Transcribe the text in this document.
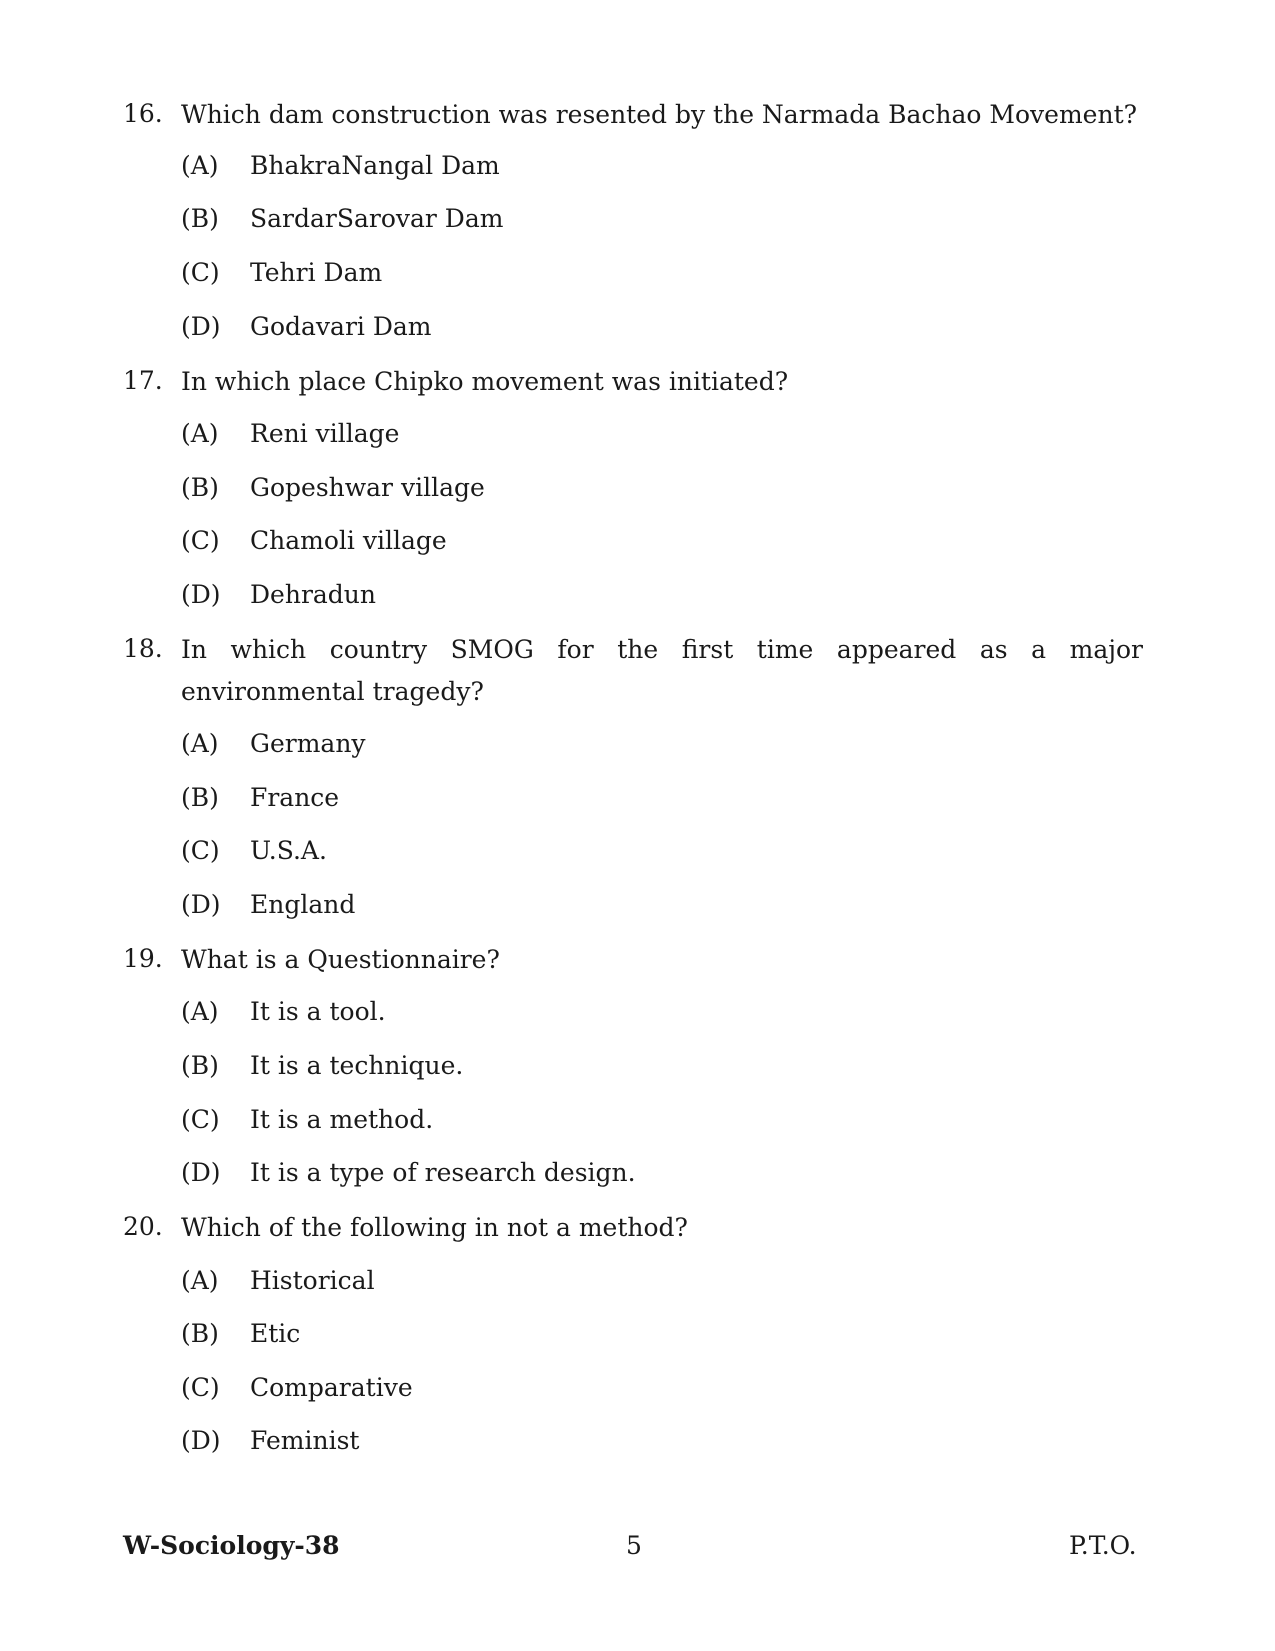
16. Which dam construction was resented by the Narmada Bachao Movement?
(A) BhakraNangal Dam
(B) SardarSarovar Dam
(C) Tehri Dam
(D) Godavari Dam
17. In which place Chipko movement was initiated?
(A) Reni village
(B) Gopeshwar village
(C) Chamoli village
(D) Dehradun
18. In which country SMOG for the first time appeared as a major environmental tragedy?
(A) Germany
(B) France
(C) U.S.A.
(D) England
19. What is a Questionnaire?
(A) It is a tool.
(B) It is a technique.
(C) It is a method.
(D) It is a type of research design.
20. Which of the following in not a method?
(A) Historical
(B) Etic
(C) Comparative
(D) Feminist
W-Sociology-38	5	P.T.O.
